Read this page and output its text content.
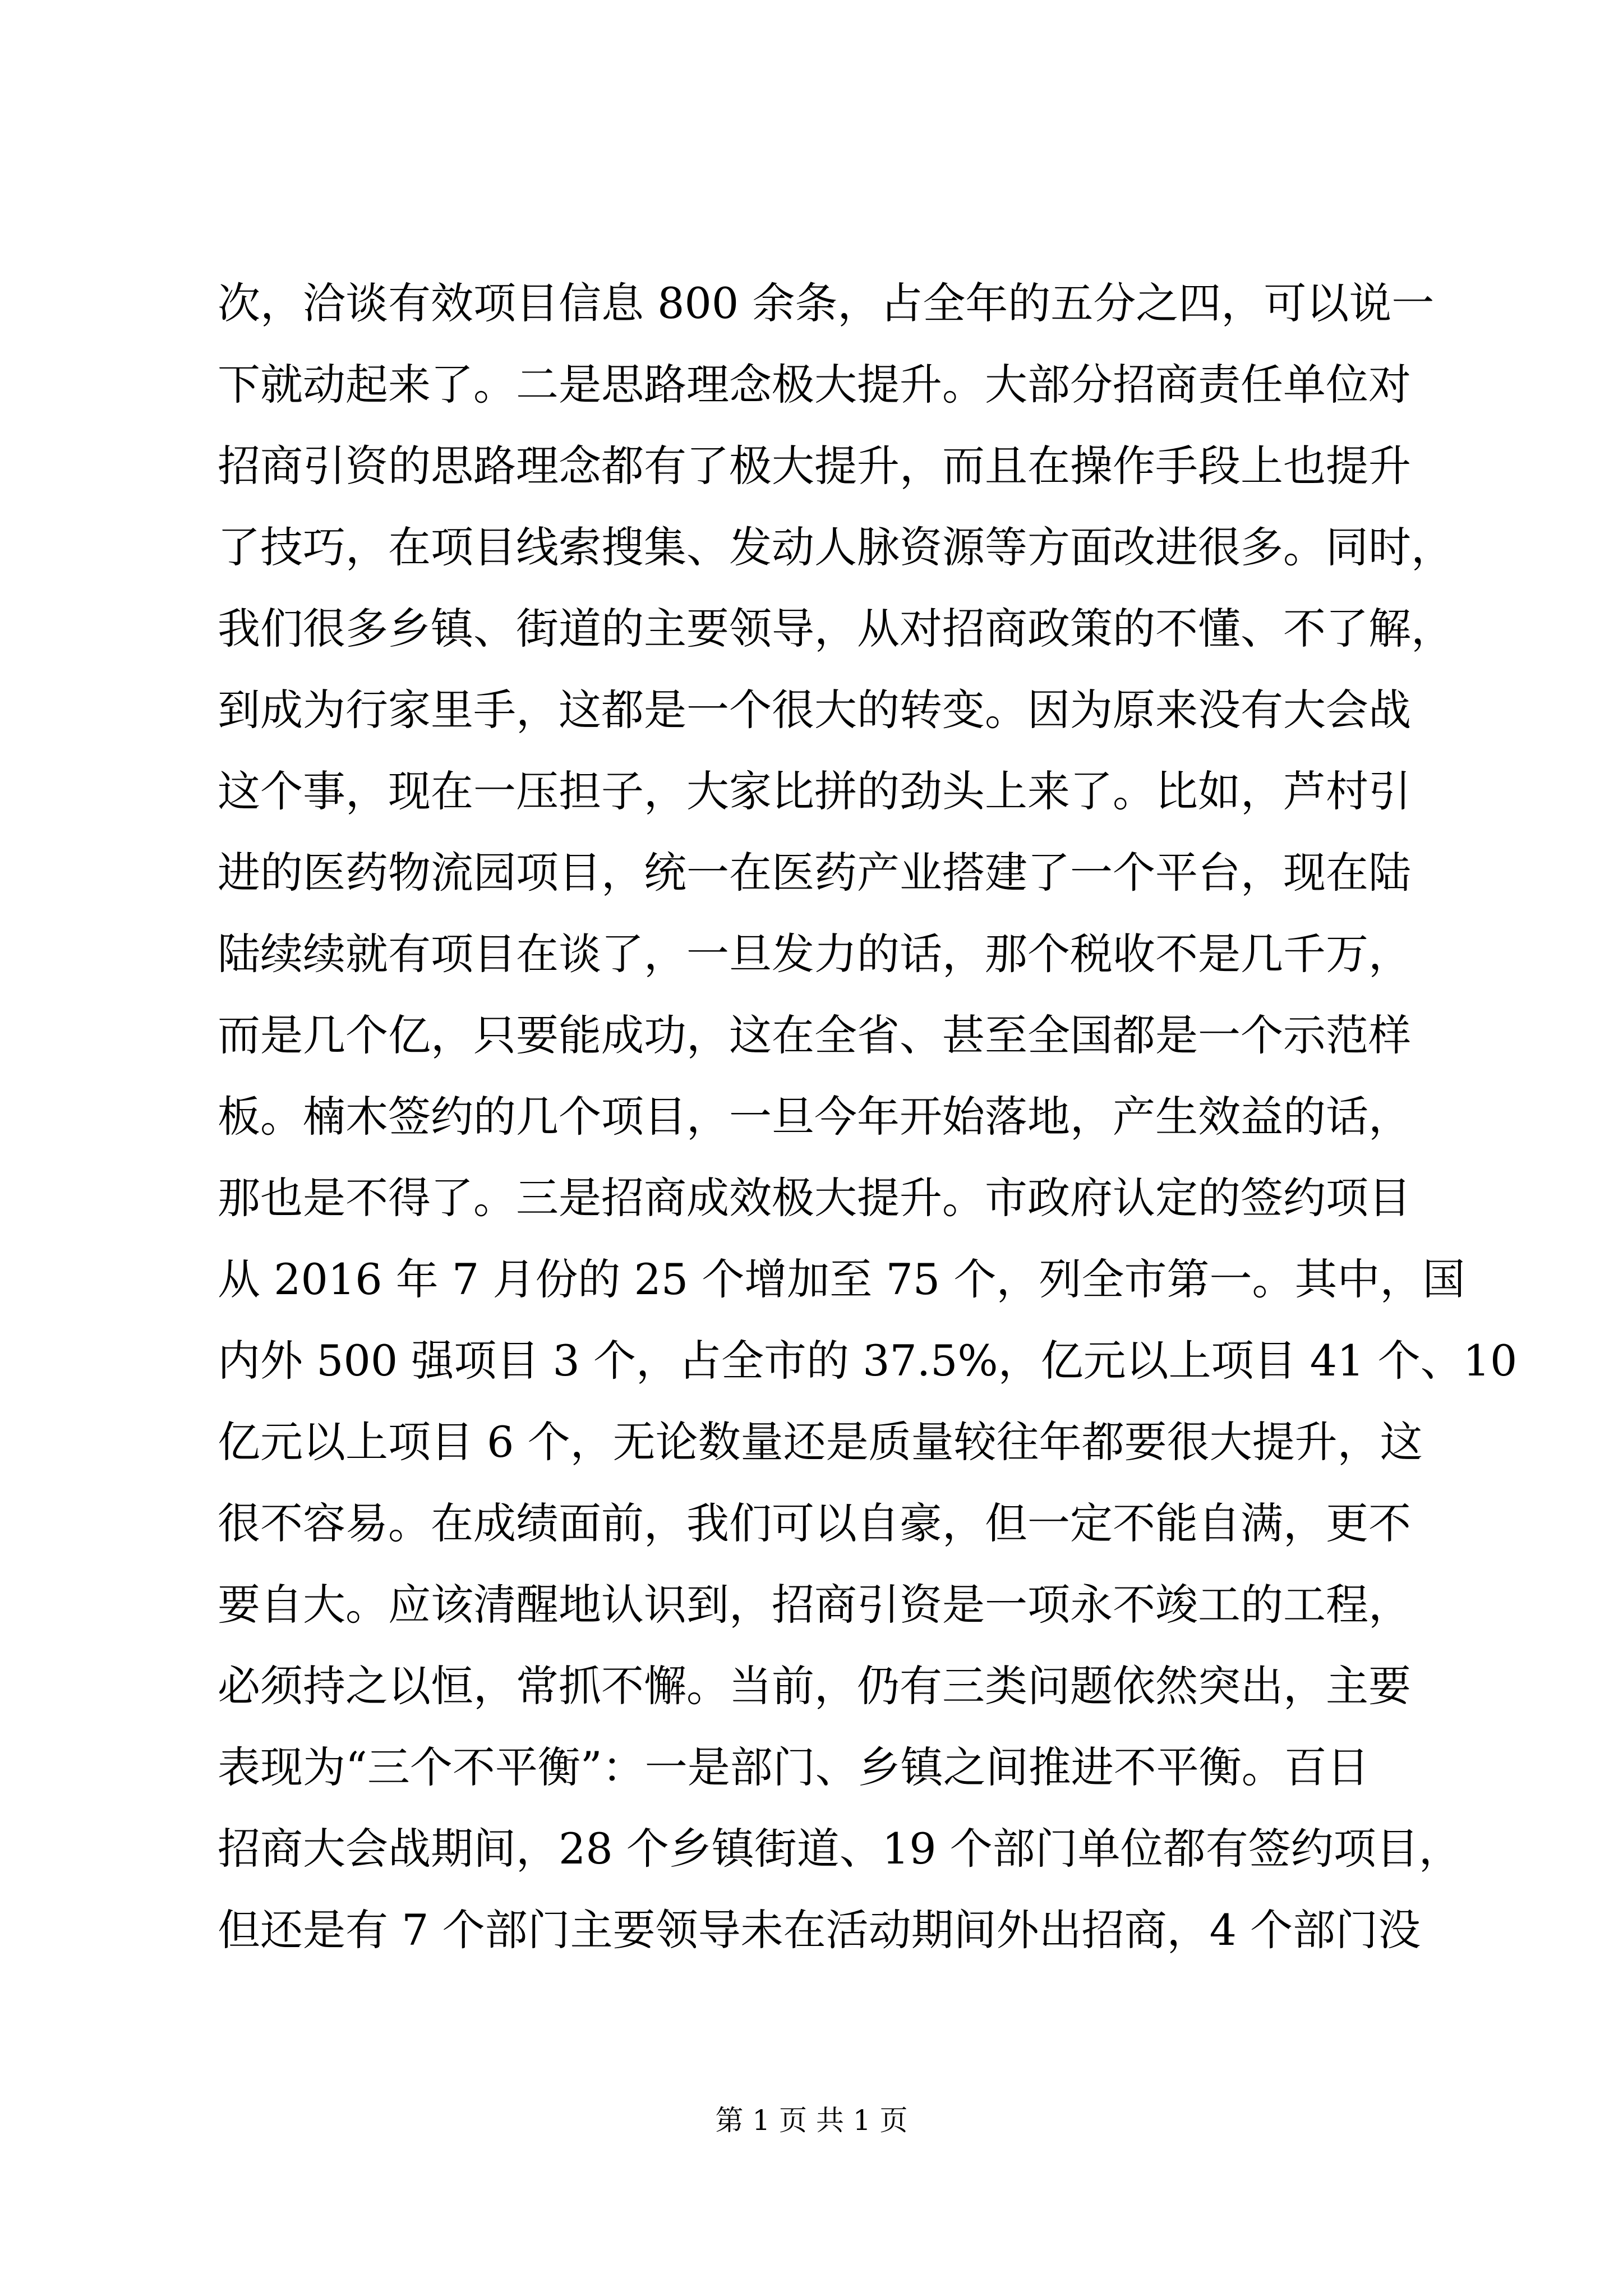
次，洽谈有效项目信息 800 余条，占全年的五分之四，可以说一
下就动起来了。二是思路理念极大提升。大部分招商责任单位对
招商引资的思路理念都有了极大提升，而且在操作手段上也提升
了技巧，在项目线索搜集、发动人脉资源等方面改进很多。同时，
我们很多乡镇、街道的主要领导，从对招商政策的不懂、不了解，
到成为行家里手，这都是一个很大的转变。因为原来没有大会战
这个事，现在一压担子，大家比拼的劲头上来了。比如，芦村引
进的医药物流园项目，统一在医药产业搭建了一个平台，现在陆
陆续续就有项目在谈了，一旦发力的话，那个税收不是几千万，
而是几个亿，只要能成功，这在全省、甚至全国都是一个示范样
板。楠木签约的几个项目，一旦今年开始落地，产生效益的话，
那也是不得了。三是招商成效极大提升。市政府认定的签约项目
从 2016 年 7 月份的 25 个增加至 75 个，列全市第一。其中，国
内外 500 强项目 3 个，占全市的 37.5%，亿元以上项目 41 个、10
亿元以上项目 6 个，无论数量还是质量较往年都要很大提升，这
很不容易。在成绩面前，我们可以自豪，但一定不能自满，更不
要自大。应该清醒地认识到，招商引资是一项永不竣工的工程，
必须持之以恒，常抓不懈。当前，仍有三类问题依然突出，主要
表现为“三个不平衡”：一是部门、乡镇之间推进不平衡。百日
招商大会战期间，28 个乡镇街道、19 个部门单位都有签约项目，
但还是有 7 个部门主要领导未在活动期间外出招商，4 个部门没
第 1 页 共 1 页
